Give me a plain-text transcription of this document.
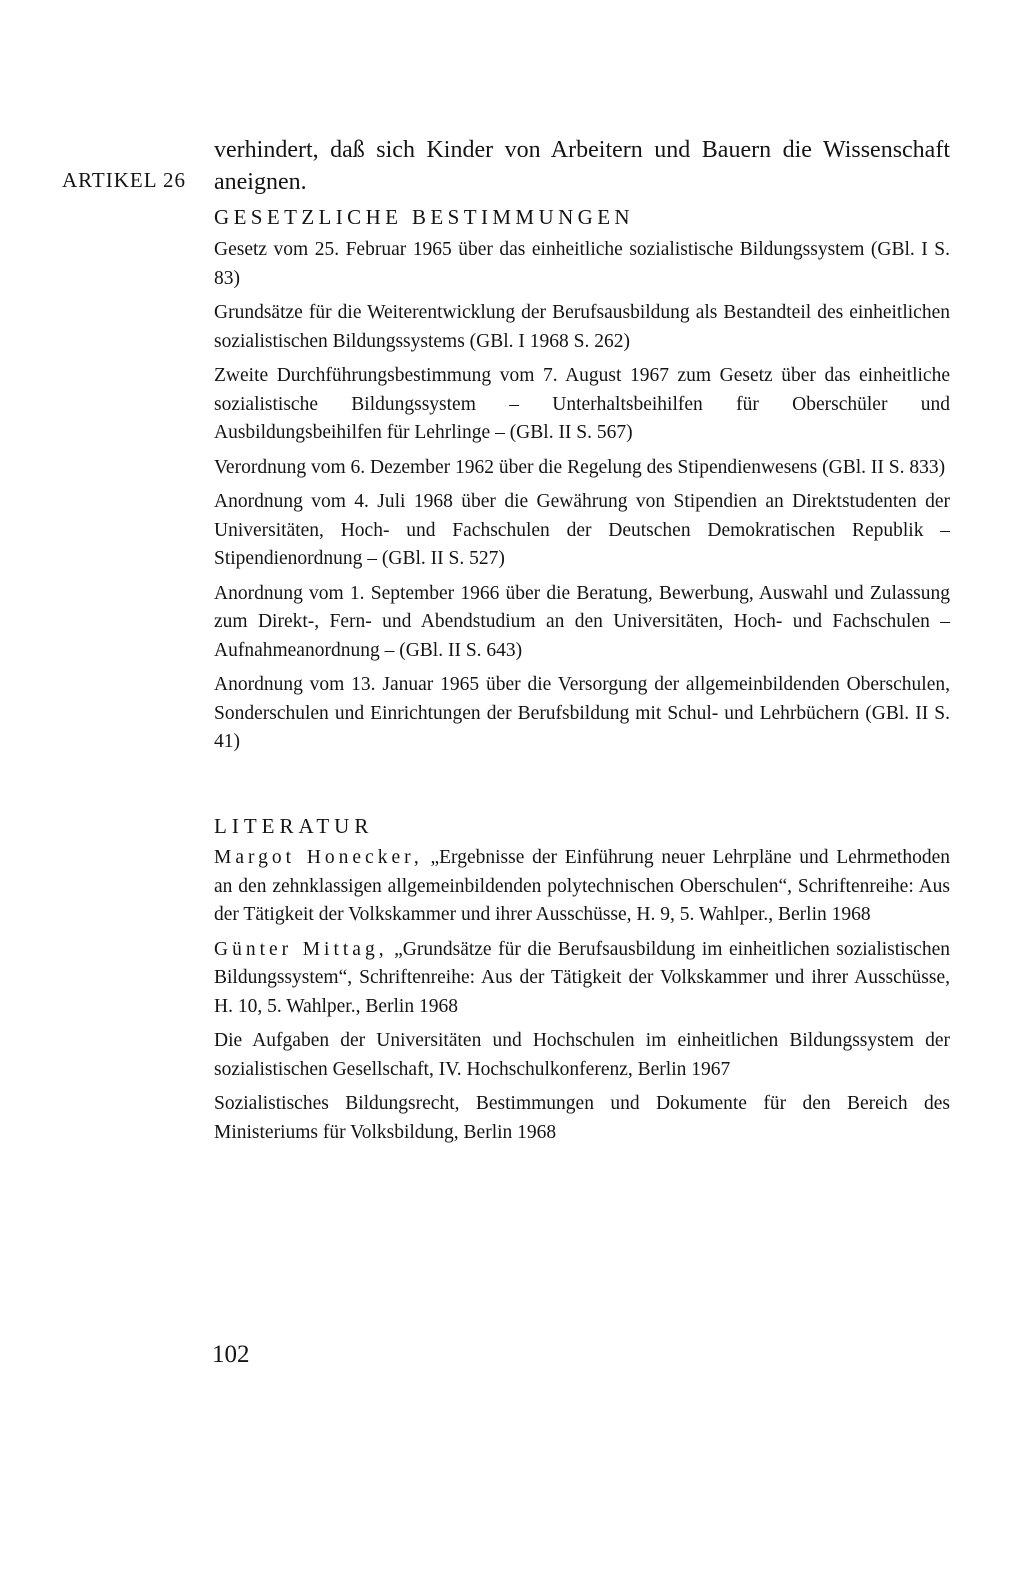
verhindert, daß sich Kinder von Arbeitern und Bauern die Wissenschaft aneignen.

ARTIKEL 26
GESETZLICHE BESTIMMUNGEN

Gesetz vom 25. Februar 1965 über das einheitliche sozialistische Bildungssystem (GBl. I S. 83)

Grundsätze für die Weiterentwicklung der Berufsausbildung als Bestandteil des einheitlichen sozialistischen Bildungssystems (GBl. I 1968 S. 262)

Zweite Durchführungsbestimmung vom 7. August 1967 zum Gesetz über das einheitliche sozialistische Bildungssystem – Unterhaltsbeihilfen für Oberschüler und Ausbildungsbeihilfen für Lehrlinge – (GBl. II S. 567)

Verordnung vom 6. Dezember 1962 über die Regelung des Stipendienwesens (GBl. II S. 833)

Anordnung vom 4. Juli 1968 über die Gewährung von Stipendien an Direktstudenten der Universitäten, Hoch- und Fachschulen der Deutschen Demokratischen Republik – Stipendienordnung – (GBl. II S. 527)

Anordnung vom 1. September 1966 über die Beratung, Bewerbung, Auswahl und Zulassung zum Direkt-, Fern- und Abendstudium an den Universitäten, Hoch- und Fachschulen – Aufnahmeanordnung – (GBl. II S. 643)

Anordnung vom 13. Januar 1965 über die Versorgung der allgemeinbildenden Oberschulen, Sonderschulen und Einrichtungen der Berufsbildung mit Schul- und Lehrbüchern (GBl. II S. 41)

LITERATUR

Margot Honecker, „Ergebnisse der Einführung neuer Lehrpläne und Lehrmethoden an den zehnklassigen allgemeinbildenden polytechnischen Oberschulen“, Schriftenreihe: Aus der Tätigkeit der Volkskammer und ihrer Ausschüsse, H. 9, 5. Wahlper., Berlin 1968

Günter Mittag, „Grundsätze für die Berufsausbildung im einheitlichen sozialistischen Bildungssystem“, Schriftenreihe: Aus der Tätigkeit der Volkskammer und ihrer Ausschüsse, H. 10, 5. Wahlper., Berlin 1968

Die Aufgaben der Universitäten und Hochschulen im einheitlichen Bildungssystem der sozialistischen Gesellschaft, IV. Hochschulkonferenz, Berlin 1967

Sozialistisches Bildungsrecht, Bestimmungen und Dokumente für den Bereich des Ministeriums für Volksbildung, Berlin 1968

102
